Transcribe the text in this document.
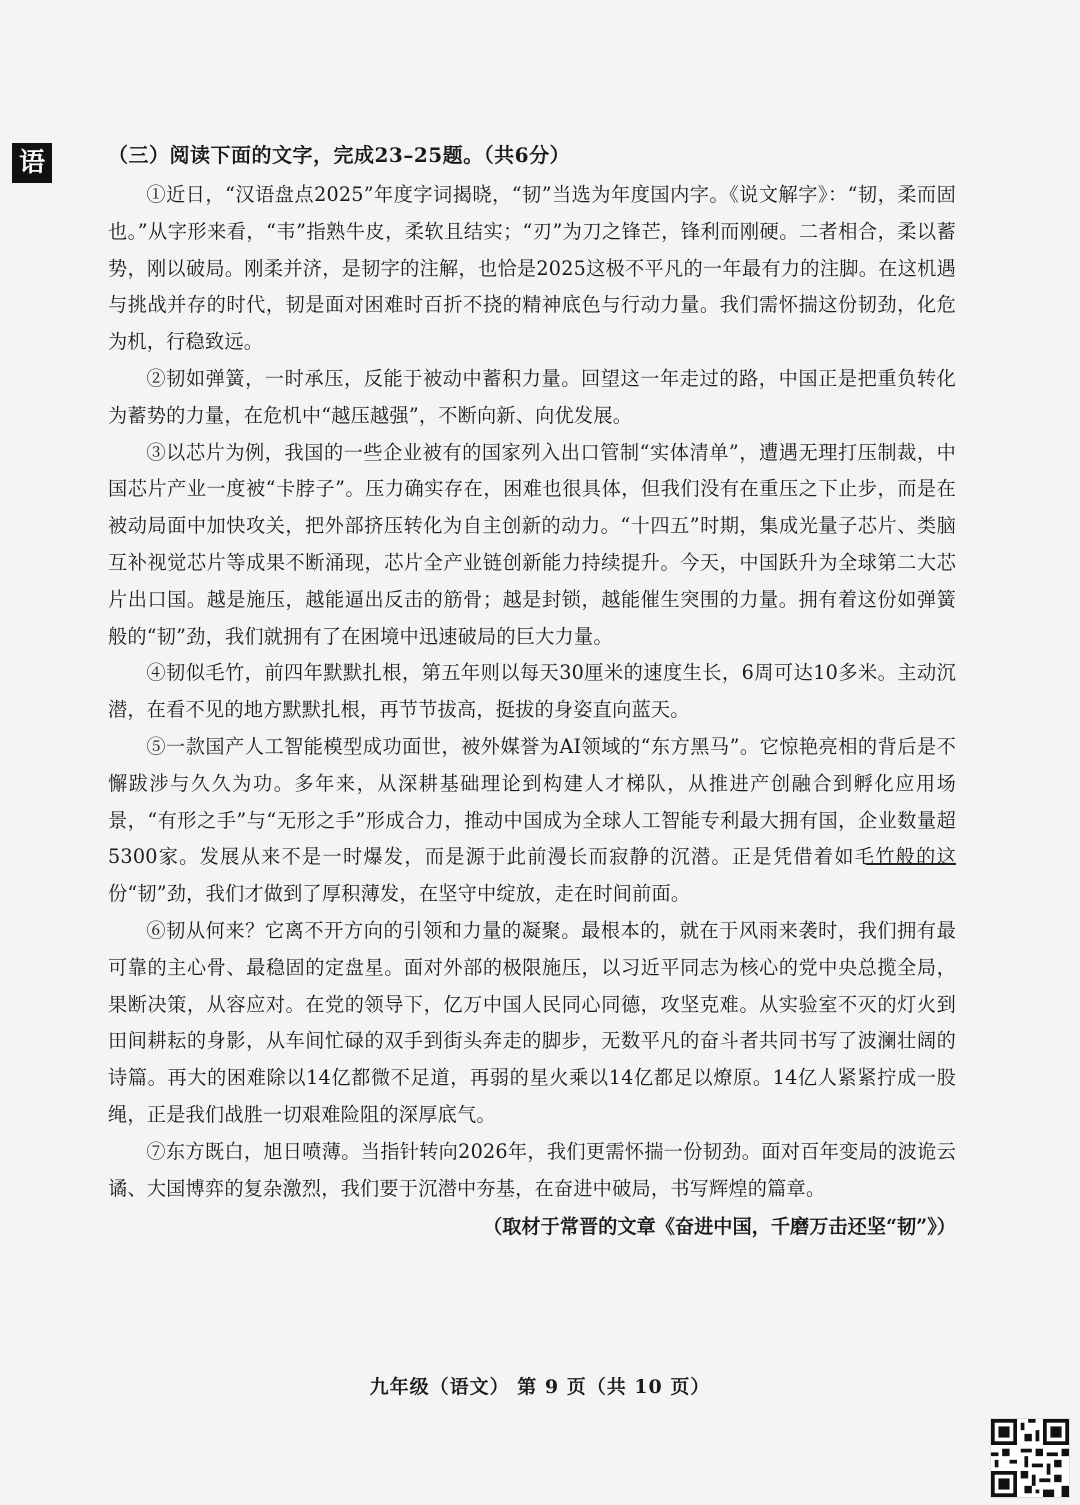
语	（三）阅读下面的文字，完成23–25题。（共6分）

①近日，“汉语盘点2025”年度字词揭晓，“韧”当选为年度国内字。《说文解字》：“韧，柔而固也。”从字形来看，“韦”指熟牛皮，柔软且结实；“刃”为刀之锋芒，锋利而刚硬。二者相合，柔以蓄势，刚以破局。刚柔并济，是韧字的注解，也恰是2025这极不平凡的一年最有力的注脚。在这机遇与挑战并存的时代，韧是面对困难时百折不挠的精神底色与行动力量。我们需怀揣这份韧劲，化危为机，行稳致远。

②韧如弹簧，一时承压，反能于被动中蓄积力量。回望这一年走过的路，中国正是把重负转化为蓄势的力量，在危机中“越压越强”，不断向新、向优发展。

③以芯片为例，我国的一些企业被有的国家列入出口管制“实体清单”，遭遇无理打压制裁，中国芯片产业一度被“卡脖子”。压力确实存在，困难也很具体，但我们没有在重压之下止步，而是在被动局面中加快攻关，把外部挤压转化为自主创新的动力。“十四五”时期，集成光量子芯片、类脑互补视觉芯片等成果不断涌现，芯片全产业链创新能力持续提升。今天，中国跃升为全球第二大芯片出口国。越是施压，越能逼出反击的筋骨；越是封锁，越能催生突围的力量。拥有着这份如弹簧般的“韧”劲，我们就拥有了在困境中迅速破局的巨大力量。

④韧似毛竹，前四年默默扎根，第五年则以每天30厘米的速度生长，6周可达10多米。主动沉潜，在看不见的地方默默扎根，再节节拔高，挺拔的身姿直向蓝天。

⑤一款国产人工智能模型成功面世，被外媒誉为AI领域的“东方黑马”。它惊艳亮相的背后是不懈跋涉与久久为功。多年来，从深耕基础理论到构建人才梯队，从推进产创融合到孵化应用场景，“有形之手”与“无形之手”形成合力，推动中国成为全球人工智能专利最大拥有国，企业数量超5300家。发展从来不是一时爆发，而是源于此前漫长而寂静的沉潜。正是凭借着如毛竹般的这份“韧”劲，我们才做到了厚积薄发，在坚守中绽放，走在时间前面。

⑥韧从何来？它离不开方向的引领和力量的凝聚。最根本的，就在于风雨来袭时，我们拥有最可靠的主心骨、最稳固的定盘星。面对外部的极限施压，以习近平同志为核心的党中央总揽全局，果断决策，从容应对。在党的领导下，亿万中国人民同心同德，攻坚克难。从实验室不灭的灯火到田间耕耘的身影，从车间忙碌的双手到街头奔走的脚步，无数平凡的奋斗者共同书写了波澜壮阔的诗篇。再大的困难除以14亿都微不足道，再弱的星火乘以14亿都足以燎原。14亿人紧紧拧成一股绳，正是我们战胜一切艰难险阻的深厚底气。

⑦东方既白，旭日喷薄。当指针转向2026年，我们更需怀揣一份韧劲。面对百年变局的波诡云谲、大国博弈的复杂激烈，我们要于沉潜中夯基，在奋进中破局，书写辉煌的篇章。

（取材于常晋的文章《奋进中国，千磨万击还坚“韧”》）

九年级（语文） 第 9 页（共 10 页）
